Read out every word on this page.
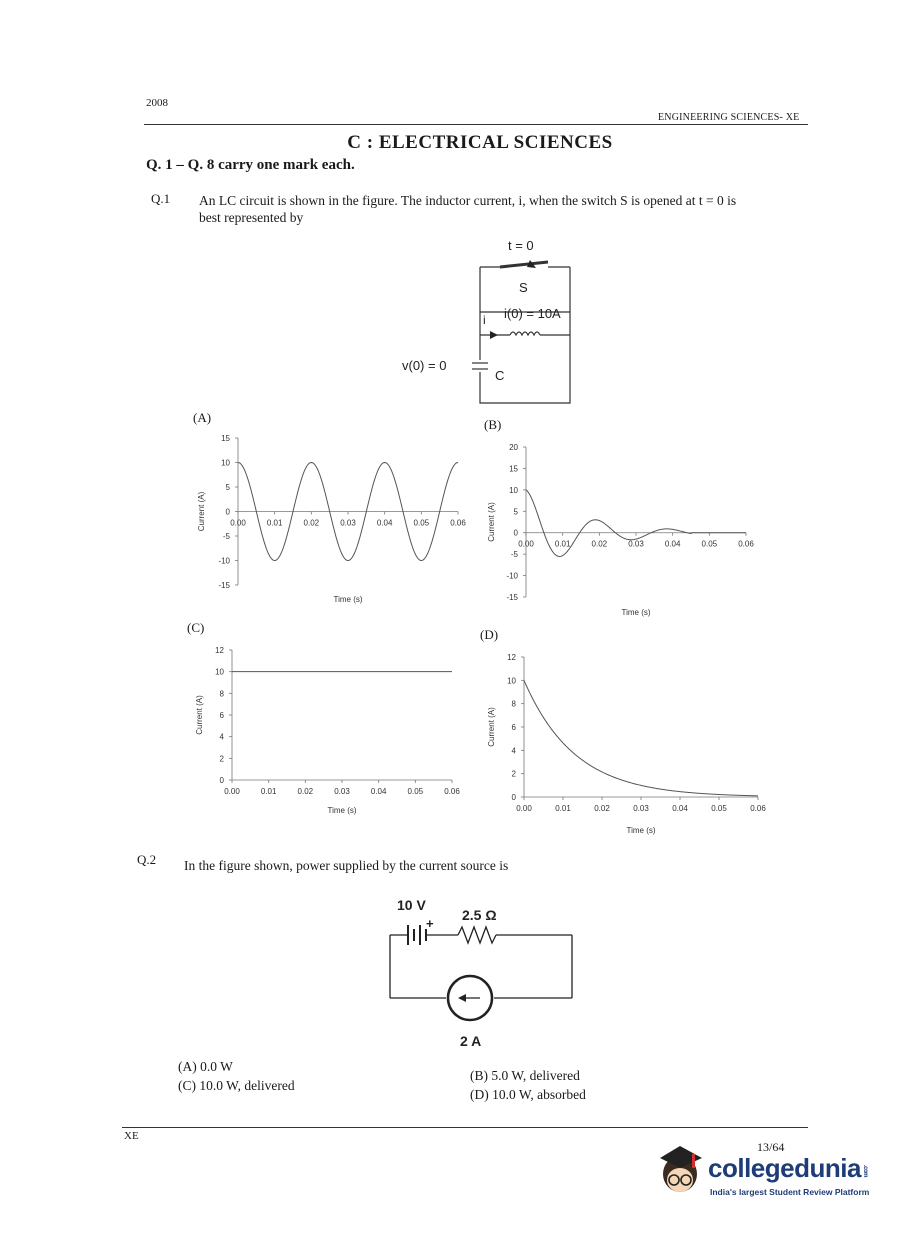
2008
ENGINEERING SCIENCES- XE
C : ELECTRICAL SCIENCES
Q. 1 – Q. 8 carry one mark each.
Q.1 An LC circuit is shown in the figure. The inductor current, i, when the switch S is opened at t = 0 is
best represented by
t = 0
S
i(0) = 10A
i
v(0) = 0
C
(A)	(B)
(C)	(D)
15
10
5
0
-5
-10
-15
0.00	0.01	0.02	0.03	0.04	0.05	0.06
Current (A)
Time (s)
20
15
10
5
0
-5
-10
-15
0.00	0.01	0.02	0.03	0.04	0.05	0.06
Current (A)
Time (s)
12
10
8
6
4
2
0
0.00	0.01	0.02	0.03	0.04	0.05	0.06
Current (A)
Time (s)
12
10
8
6
4
2
0
0.00	0.01	0.02	0.03	0.04	0.05	0.06
Current (A)
Time (s)
Q.2 In the figure shown, power supplied by the current source is
10 V
+
2.5 Ω
2 A
(A) 0.0 W
(C) 10.0 W, delivered
(B) 5.0 W, delivered
(D) 10.0 W, absorbed
XE
13/64
collegedunia.com
India's largest Student Review Platform
